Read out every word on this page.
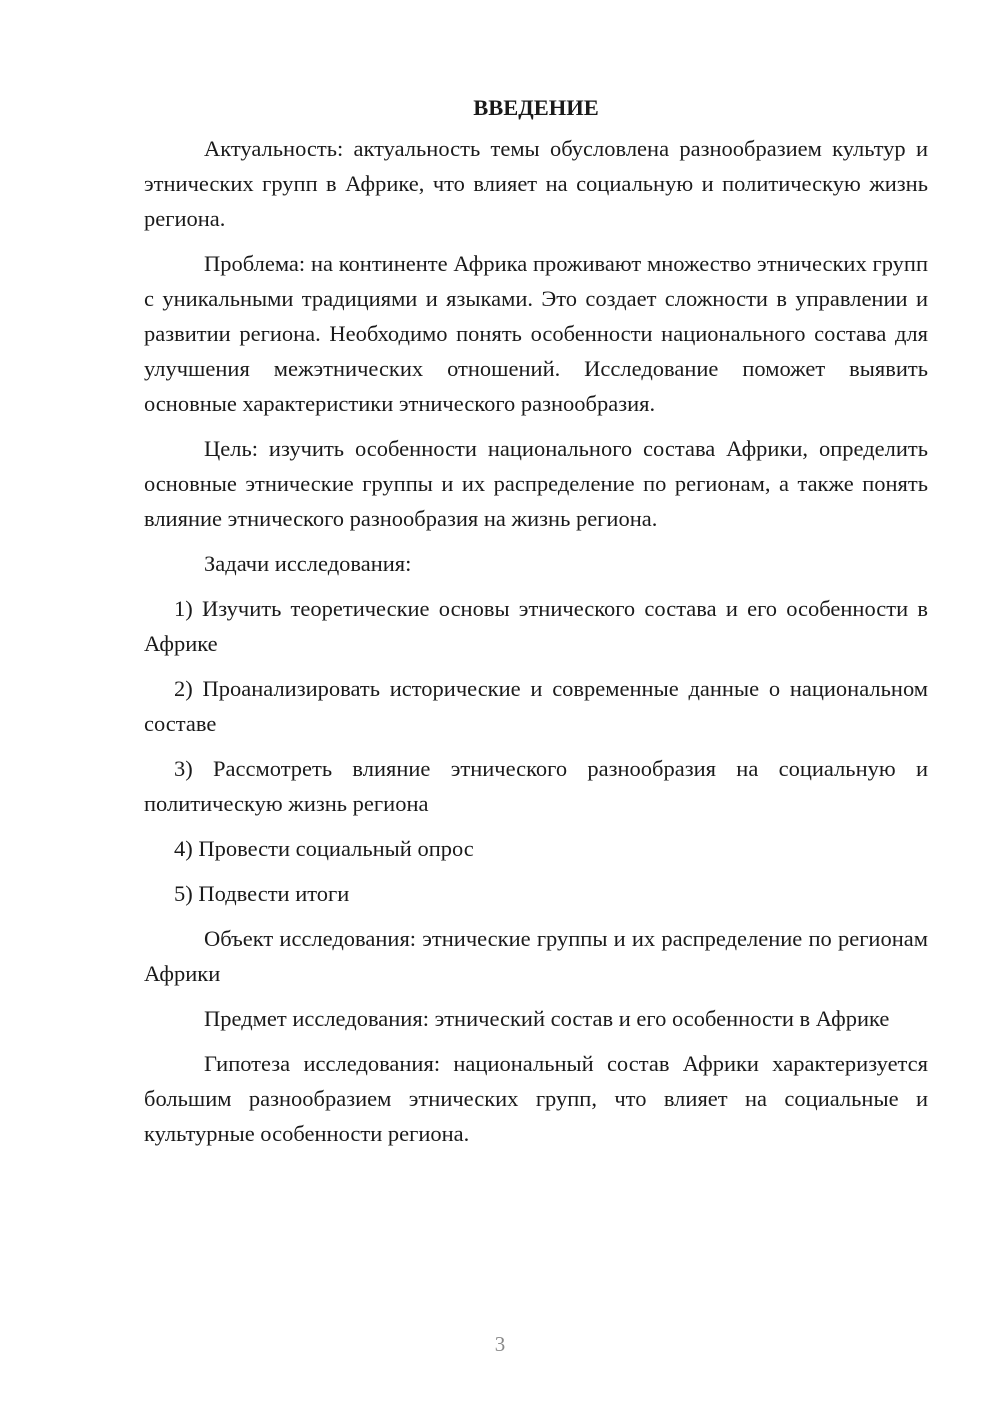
ВВЕДЕНИЕ

Актуальность: актуальность темы обусловлена разнообразием культур и этнических групп в Африке, что влияет на социальную и политическую жизнь региона.

Проблема: на континенте Африка проживают множество этнических групп с уникальными традициями и языками. Это создает сложности в управлении и развитии региона. Необходимо понять особенности национального состава для улучшения межэтнических отношений. Исследование поможет выявить основные характеристики этнического разнообразия.

Цель: изучить особенности национального состава Африки, определить основные этнические группы и их распределение по регионам, а также понять влияние этнического разнообразия на жизнь региона.

Задачи исследования:

1) Изучить теоретические основы этнического состава и его особенности в Африке

2) Проанализировать исторические и современные данные о национальном составе

3) Рассмотреть влияние этнического разнообразия на социальную и политическую жизнь региона

4) Провести социальный опрос

5) Подвести итоги

Объект исследования: этнические группы и их распределение по регионам Африки

Предмет исследования: этнический состав и его особенности в Африке

Гипотеза исследования: национальный состав Африки характеризуется большим разнообразием этнических групп, что влияет на социальные и культурные особенности региона.

3
